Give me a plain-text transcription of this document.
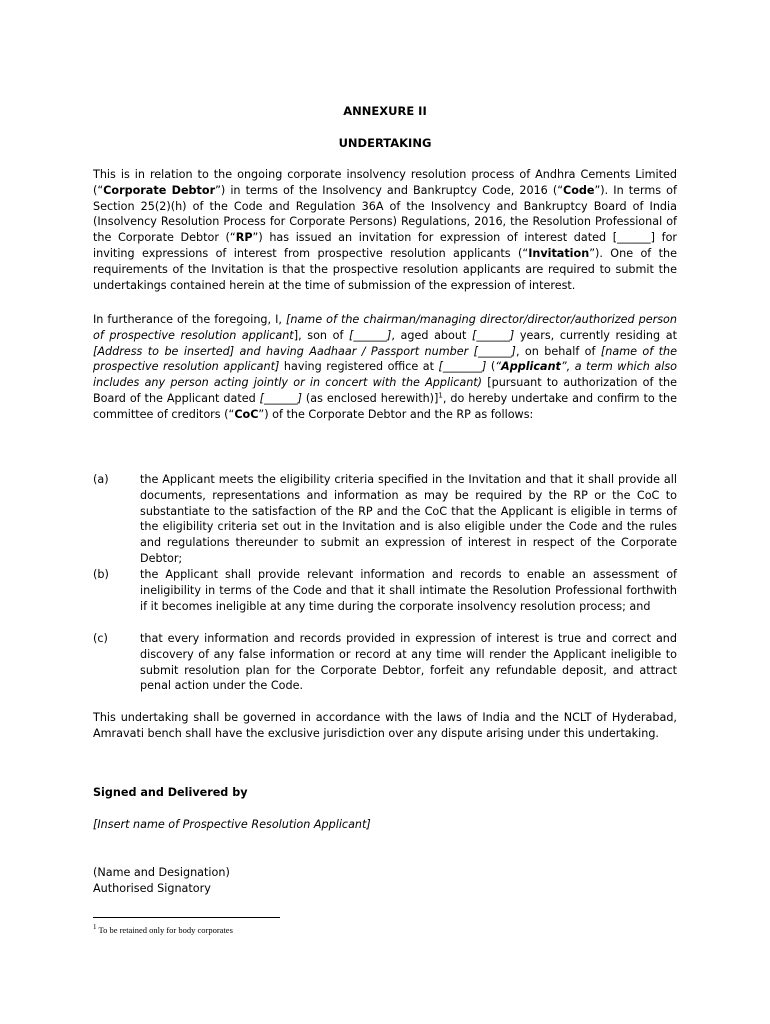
ANNEXURE II
UNDERTAKING
This is in relation to the ongoing corporate insolvency resolution process of Andhra Cements Limited (“Corporate Debtor”) in terms of the Insolvency and Bankruptcy Code, 2016 (“Code”). In terms of Section 25(2)(h) of the Code and Regulation 36A of the Insolvency and Bankruptcy Board of India (Insolvency Resolution Process for Corporate Persons) Regulations, 2016, the Resolution Professional of the Corporate Debtor (“RP”) has issued an invitation for expression of interest dated [______] for inviting expressions of interest from prospective resolution applicants (“Invitation”). One of the requirements of the Invitation is that the prospective resolution applicants are required to submit the undertakings contained herein at the time of submission of the expression of interest.
In furtherance of the foregoing, I, [name of the chairman/managing director/director/authorized person of prospective resolution applicant], son of [______], aged about [______] years, currently residing at [Address to be inserted] and having Aadhaar / Passport number [______], on behalf of [name of the prospective resolution applicant] having registered office at [_______] (“Applicant”, a term which also includes any person acting jointly or in concert with the Applicant) [pursuant to authorization of the Board of the Applicant dated [______] (as enclosed herewith)]$^1$, do hereby undertake and confirm to the committee of creditors (“CoC”) of the Corporate Debtor and the RP as follows:
(a)	the Applicant meets the eligibility criteria specified in the Invitation and that it shall provide all documents, representations and information as may be required by the RP or the CoC to substantiate to the satisfaction of the RP and the CoC that the Applicant is eligible in terms of the eligibility criteria set out in the Invitation and is also eligible under the Code and the rules and regulations thereunder to submit an expression of interest in respect of the Corporate Debtor;
(b)	the Applicant shall provide relevant information and records to enable an assessment of ineligibility in terms of the Code and that it shall intimate the Resolution Professional forthwith if it becomes ineligible at any time during the corporate insolvency resolution process; and
(c)	that every information and records provided in expression of interest is true and correct and discovery of any false information or record at any time will render the Applicant ineligible to submit resolution plan for the Corporate Debtor, forfeit any refundable deposit, and attract penal action under the Code.
This undertaking shall be governed in accordance with the laws of India and the NCLT of Hyderabad, Amravati bench shall have the exclusive jurisdiction over any dispute arising under this undertaking.
Signed and Delivered by
[Insert name of Prospective Resolution Applicant]
(Name and Designation)
Authorised Signatory
$^1$ To be retained only for body corporates
